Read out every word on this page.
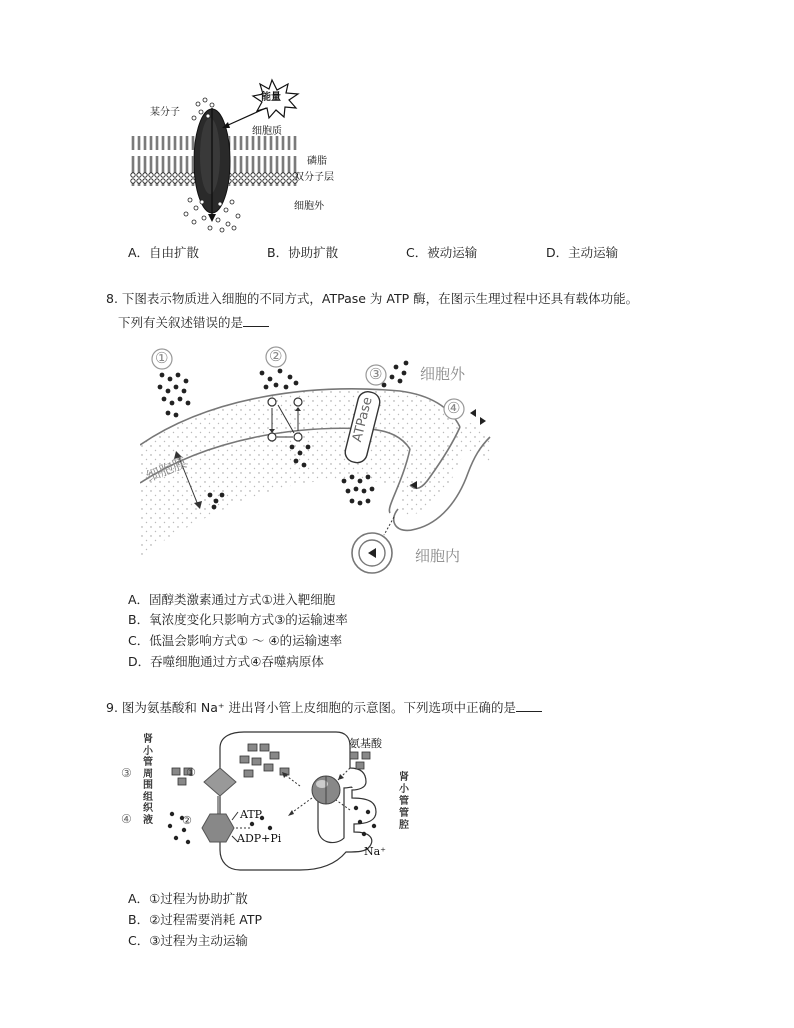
某分子
能量
细胞质
磷脂
双分子层
细胞外
A．自由扩散	B．协助扩散	C．被动运输	D．主动运输
8. 下图表示物质进入细胞的不同方式，ATPase 为 ATP 酶，在图示生理过程中还具有载体功能。
下列有关叙述错误的是
①	②
③
④
细胞外
细胞内
细胞膜
ATPase
A．固醇类激素通过方式①进入靶细胞
B．氧浓度变化只影响方式③的运输速率
C．低温会影响方式① ～ ④的运输速率
D．吞噬细胞通过方式④吞噬病原体
9. 图为氨基酸和 Na⁺ 进出肾小管上皮细胞的示意图。下列选项中正确的是
肾
小
管
周
围
组
织
液
肾
小
管
管
腔
③
④
①
②
氨基酸
ATP
ADP+Pi
Na⁺
A．①过程为协助扩散
B．②过程需要消耗 ATP
C．③过程为主动运输
